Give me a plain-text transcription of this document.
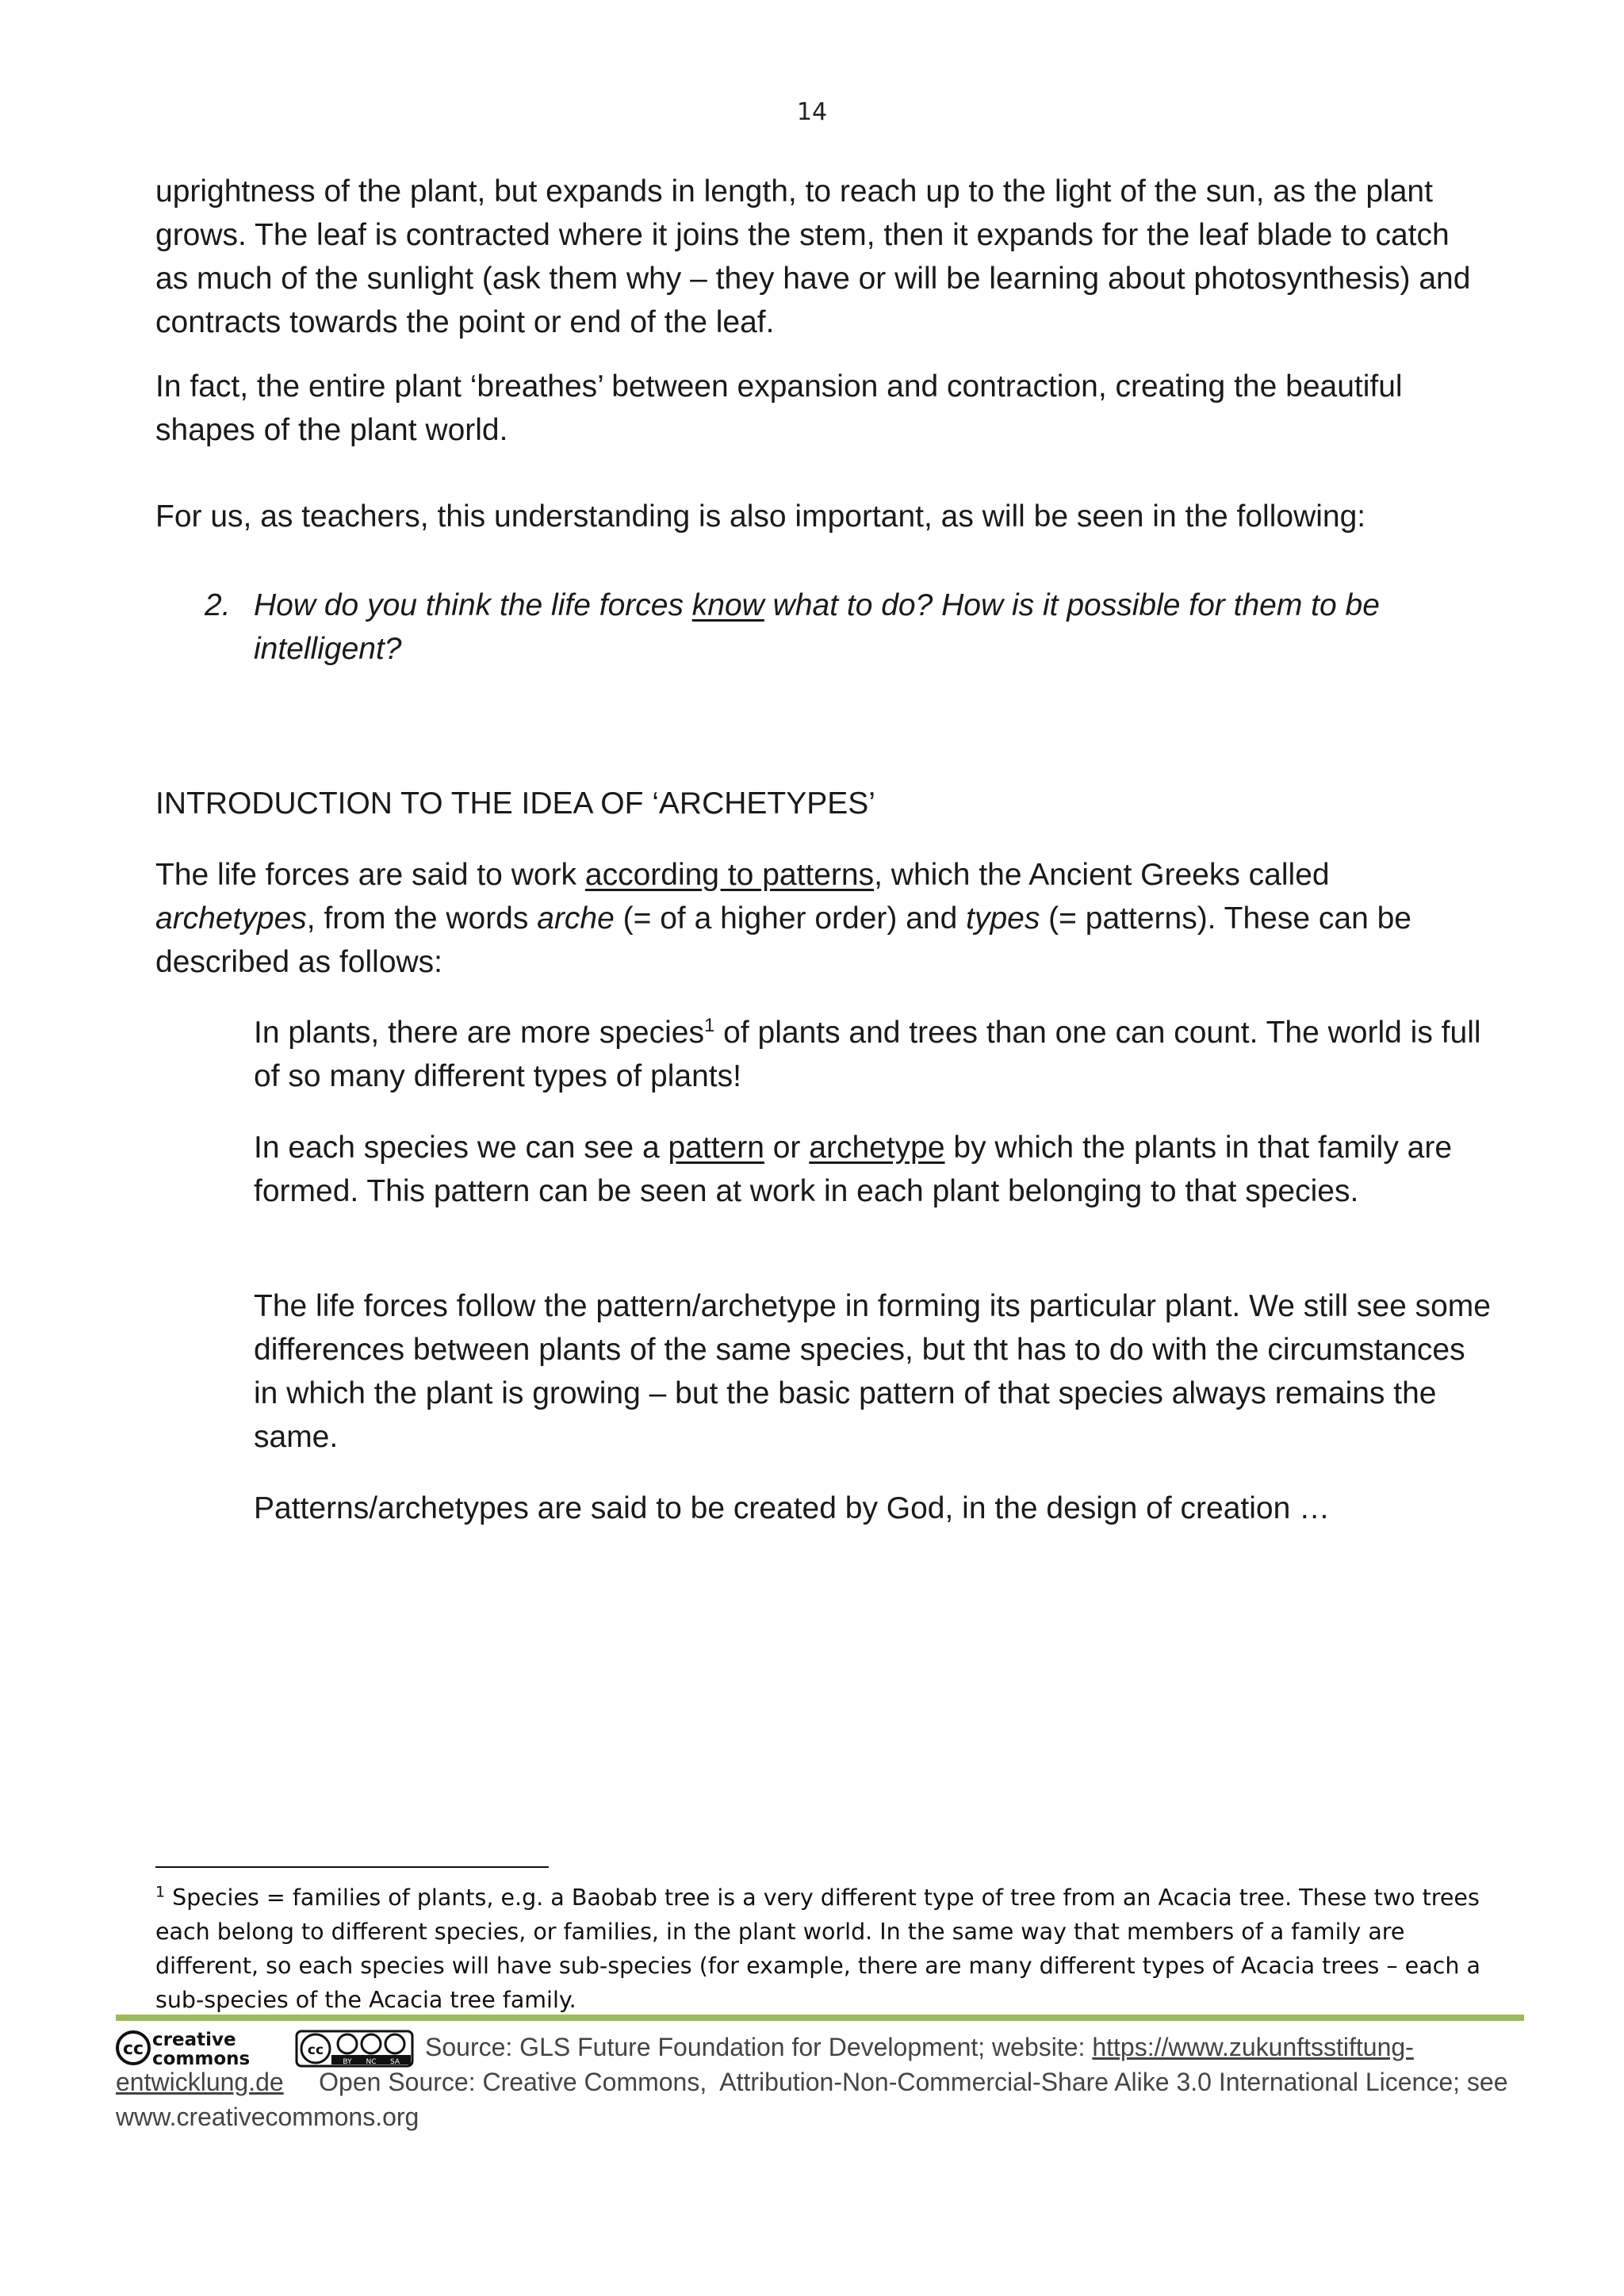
14

uprightness of the plant, but expands in length, to reach up to the light of the sun, as the plant grows. The leaf is contracted where it joins the stem, then it expands for the leaf blade to catch as much of the sunlight (ask them why – they have or will be learning about photosynthesis) and contracts towards the point or end of the leaf.

In fact, the entire plant ‘breathes’ between expansion and contraction, creating the beautiful shapes of the plant world.

For us, as teachers, this understanding is also important, as will be seen in the following:

2. How do you think the life forces know what to do? How is it possible for them to be intelligent?

INTRODUCTION TO THE IDEA OF ‘ARCHETYPES’

The life forces are said to work according to patterns, which the Ancient Greeks called archetypes, from the words arche (= of a higher order) and types (= patterns). These can be described as follows:

In plants, there are more species$^1$ of plants and trees than one can count. The world is full of so many different types of plants!

In each species we can see a pattern or archetype by which the plants in that family are formed. This pattern can be seen at work in each plant belonging to that species.

The life forces follow the pattern/archetype in forming its particular plant. We still see some differences between plants of the same species, but tht has to do with the circumstances in which the plant is growing – but the basic pattern of that species always remains the same.

Patterns/archetypes are said to be created by God, in the design of creation …

$^1$ Species = families of plants, e.g. a Baobab tree is a very different type of tree from an Acacia tree. These two trees each belong to different species, or families, in the plant world. In the same way that members of a family are different, so each species will have sub-species (for example, there are many different types of Acacia trees – each a sub-species of the Acacia tree family.
cc creative
commons	cc
BY NC SA
Source: GLS Future Foundation for Development; website: https://www.zukunftsstiftung-entwicklung.de     Open Source: Creative Commons,  Attribution-Non-Commercial-Share Alike 3.0 International Licence; see www.creativecommons.org
